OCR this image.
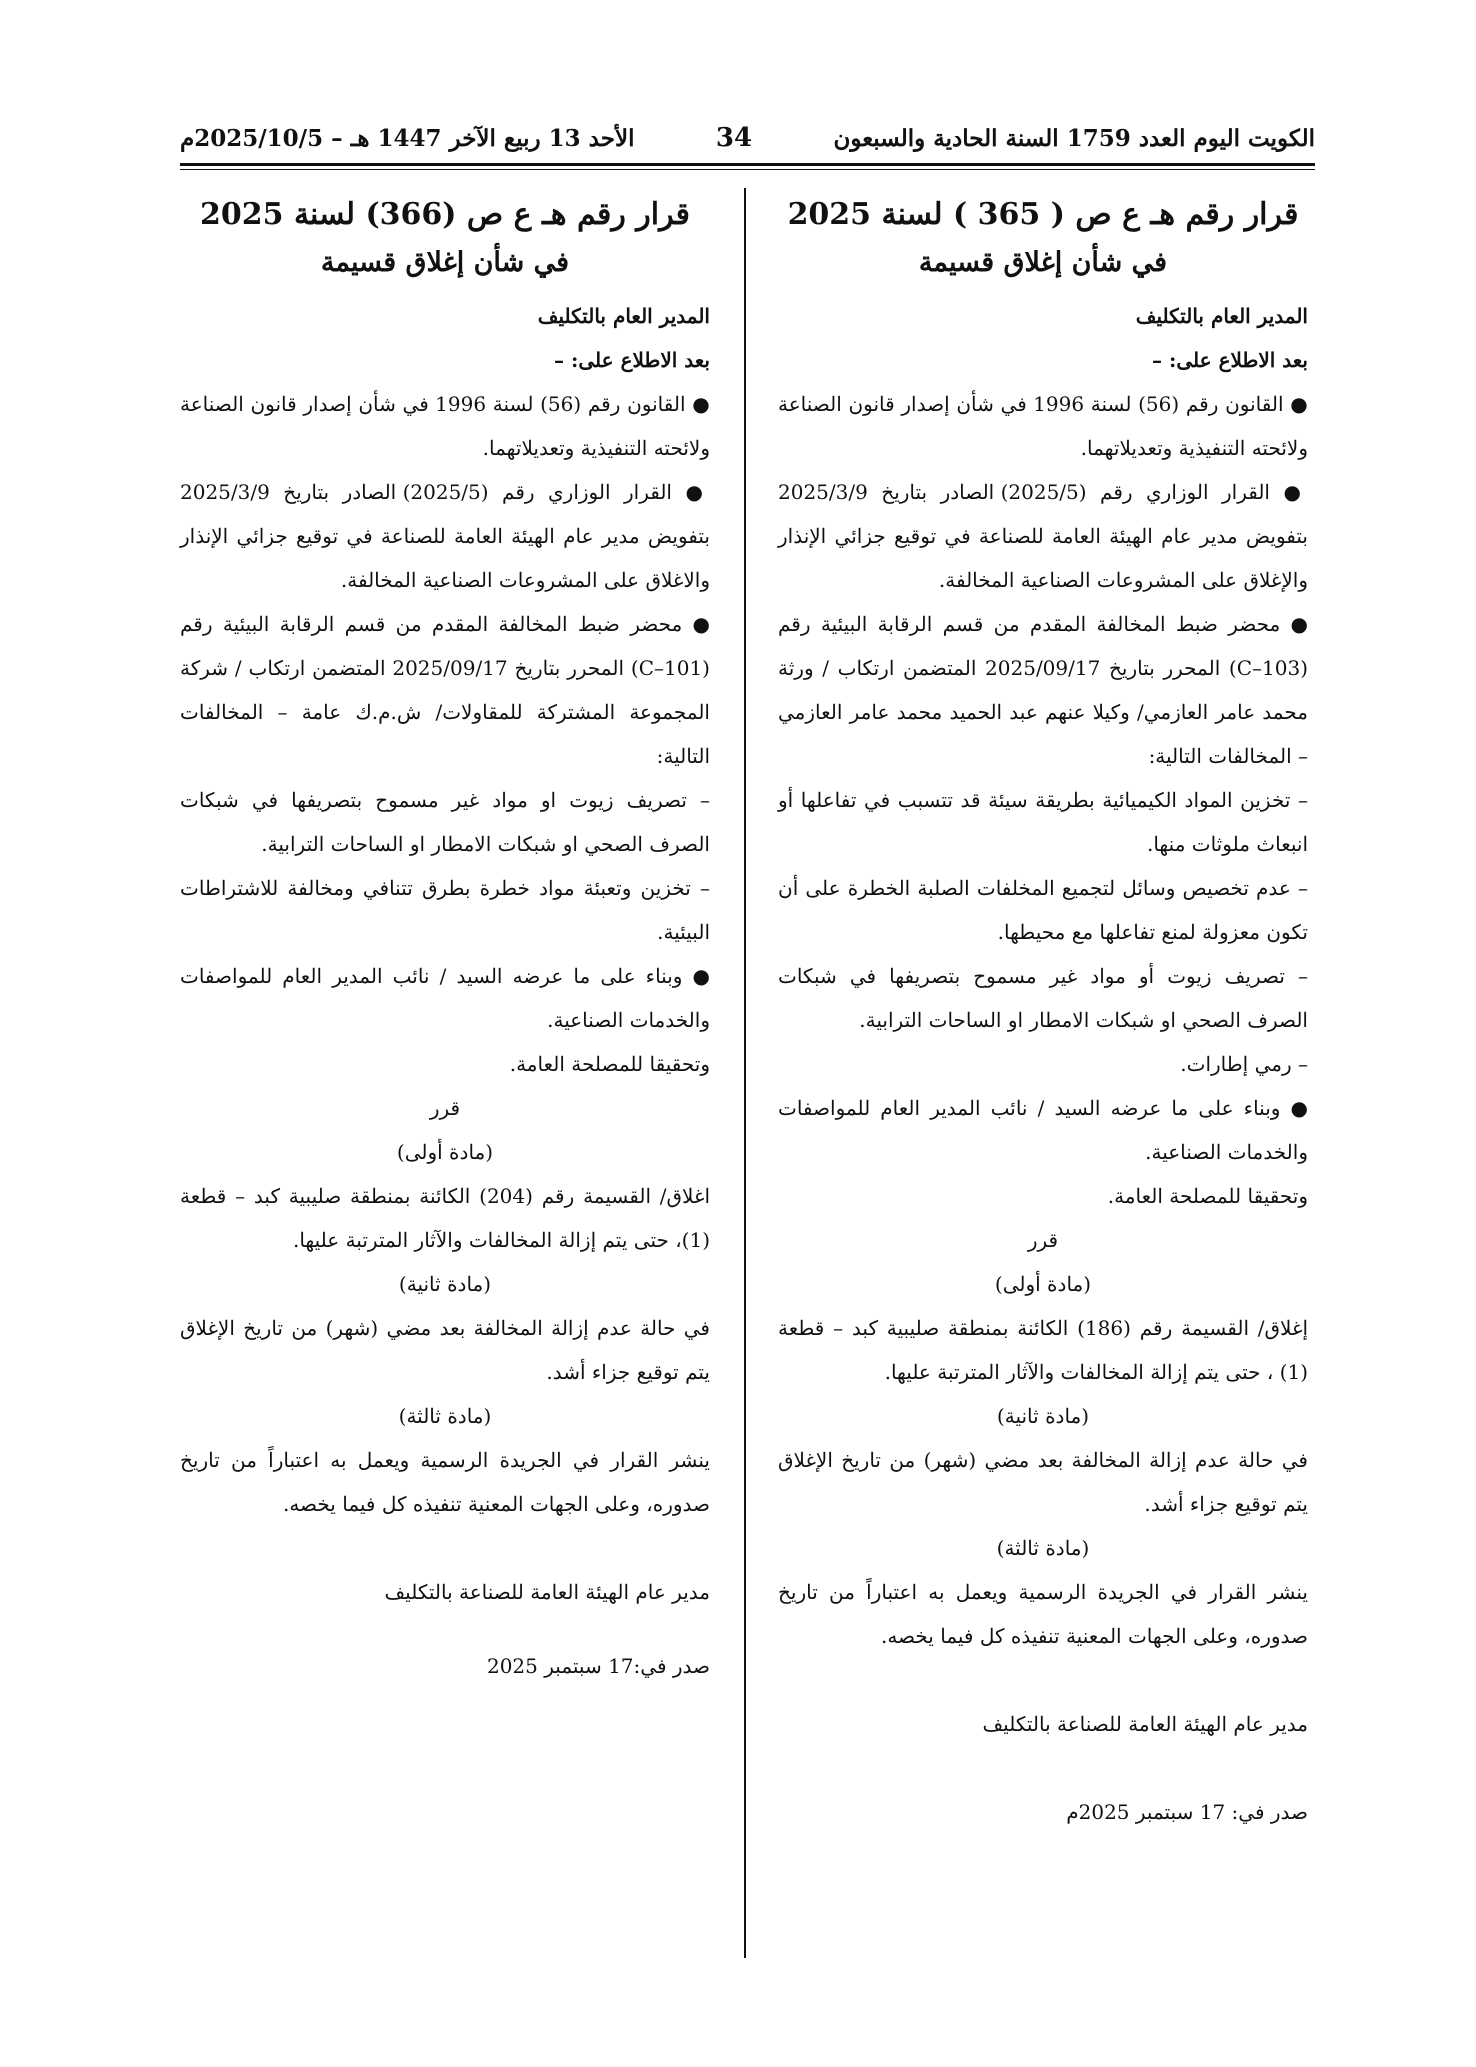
الكويت اليوم العدد 1759 السنة الحادية والسبعون
34
الأحد 13 ربيع الآخر 1447 هـ – 2025/10/5م
قرار رقم هـ ع ص ( 365 ) لسنة 2025
في شأن إغلاق قسيمة

المدير العام بالتكليف

بعد الاطلاع على: –

● القانون رقم (56) لسنة 1996 في شأن إصدار قانون الصناعة ولائحته التنفيذية وتعديلاتهما.

● القرار الوزاري رقم (2025/5) الصادر بتاريخ 2025/3/9 بتفويض مدير عام الهيئة العامة للصناعة في توقيع جزائي الإنذار والإغلاق على المشروعات الصناعية المخالفة.

● محضر ضبط المخالفة المقدم من قسم الرقابة البيئية رقم (C–103) المحرر بتاريخ 2025/09/17 المتضمن ارتكاب / ورثة محمد عامر العازمي/ وكيلا عنهم عبد الحميد محمد عامر العازمي – المخالفات التالية:

– تخزين المواد الكيميائية بطريقة سيئة قد تتسبب في تفاعلها أو انبعاث ملوثات منها.

– عدم تخصيص وسائل لتجميع المخلفات الصلبة الخطرة على أن تكون معزولة لمنع تفاعلها مع محيطها.

– تصريف زيوت أو مواد غير مسموح بتصريفها في شبكات الصرف الصحي او شبكات الامطار او الساحات الترابية.

– رمي إطارات.

● وبناء على ما عرضه السيد / نائب المدير العام للمواصفات والخدمات الصناعية.

وتحقيقا للمصلحة العامة.

قرر

(مادة أولى)

إغلاق/ القسيمة رقم (186) الكائنة بمنطقة صليبية كبد – قطعة (1) ، حتى يتم إزالة المخالفات والآثار المترتبة عليها.

(مادة ثانية)

في حالة عدم إزالة المخالفة بعد مضي (شهر) من تاريخ الإغلاق يتم توقيع جزاء أشد.

(مادة ثالثة)

ينشر القرار في الجريدة الرسمية ويعمل به اعتباراً من تاريخ صدوره، وعلى الجهات المعنية تنفيذه كل فيما يخصه.

مدير عام الهيئة العامة للصناعة بالتكليف

صدر في: 17 سبتمبر 2025م

قرار رقم هـ ع ص (366) لسنة 2025
في شأن إغلاق قسيمة

المدير العام بالتكليف

بعد الاطلاع على: –

● القانون رقم (56) لسنة 1996 في شأن إصدار قانون الصناعة ولائحته التنفيذية وتعديلاتهما.

● القرار الوزاري رقم (2025/5) الصادر بتاريخ 2025/3/9 بتفويض مدير عام الهيئة العامة للصناعة في توقيع جزائي الإنذار والاغلاق على المشروعات الصناعية المخالفة.

● محضر ضبط المخالفة المقدم من قسم الرقابة البيئية رقم (C–101) المحرر بتاريخ 2025/09/17 المتضمن ارتكاب / شركة المجموعة المشتركة للمقاولات/ ش.م.ك عامة – المخالفات التالية:

– تصريف زيوت او مواد غير مسموح بتصريفها في شبكات الصرف الصحي او شبكات الامطار او الساحات الترابية.

– تخزين وتعبئة مواد خطرة بطرق تتنافي ومخالفة للاشتراطات البيئية.

● وبناء على ما عرضه السيد / نائب المدير العام للمواصفات والخدمات الصناعية.

وتحقيقا للمصلحة العامة.

قرر

(مادة أولى)

اغلاق/ القسيمة رقم (204) الكائنة بمنطقة صليبية كبد – قطعة (1)، حتى يتم إزالة المخالفات والآثار المترتبة عليها.

(مادة ثانية)

في حالة عدم إزالة المخالفة بعد مضي (شهر) من تاريخ الإغلاق يتم توقيع جزاء أشد.

(مادة ثالثة)

ينشر القرار في الجريدة الرسمية ويعمل به اعتباراً من تاريخ صدوره، وعلى الجهات المعنية تنفيذه كل فيما يخصه.

مدير عام الهيئة العامة للصناعة بالتكليف

صدر في:17 سبتمبر 2025
